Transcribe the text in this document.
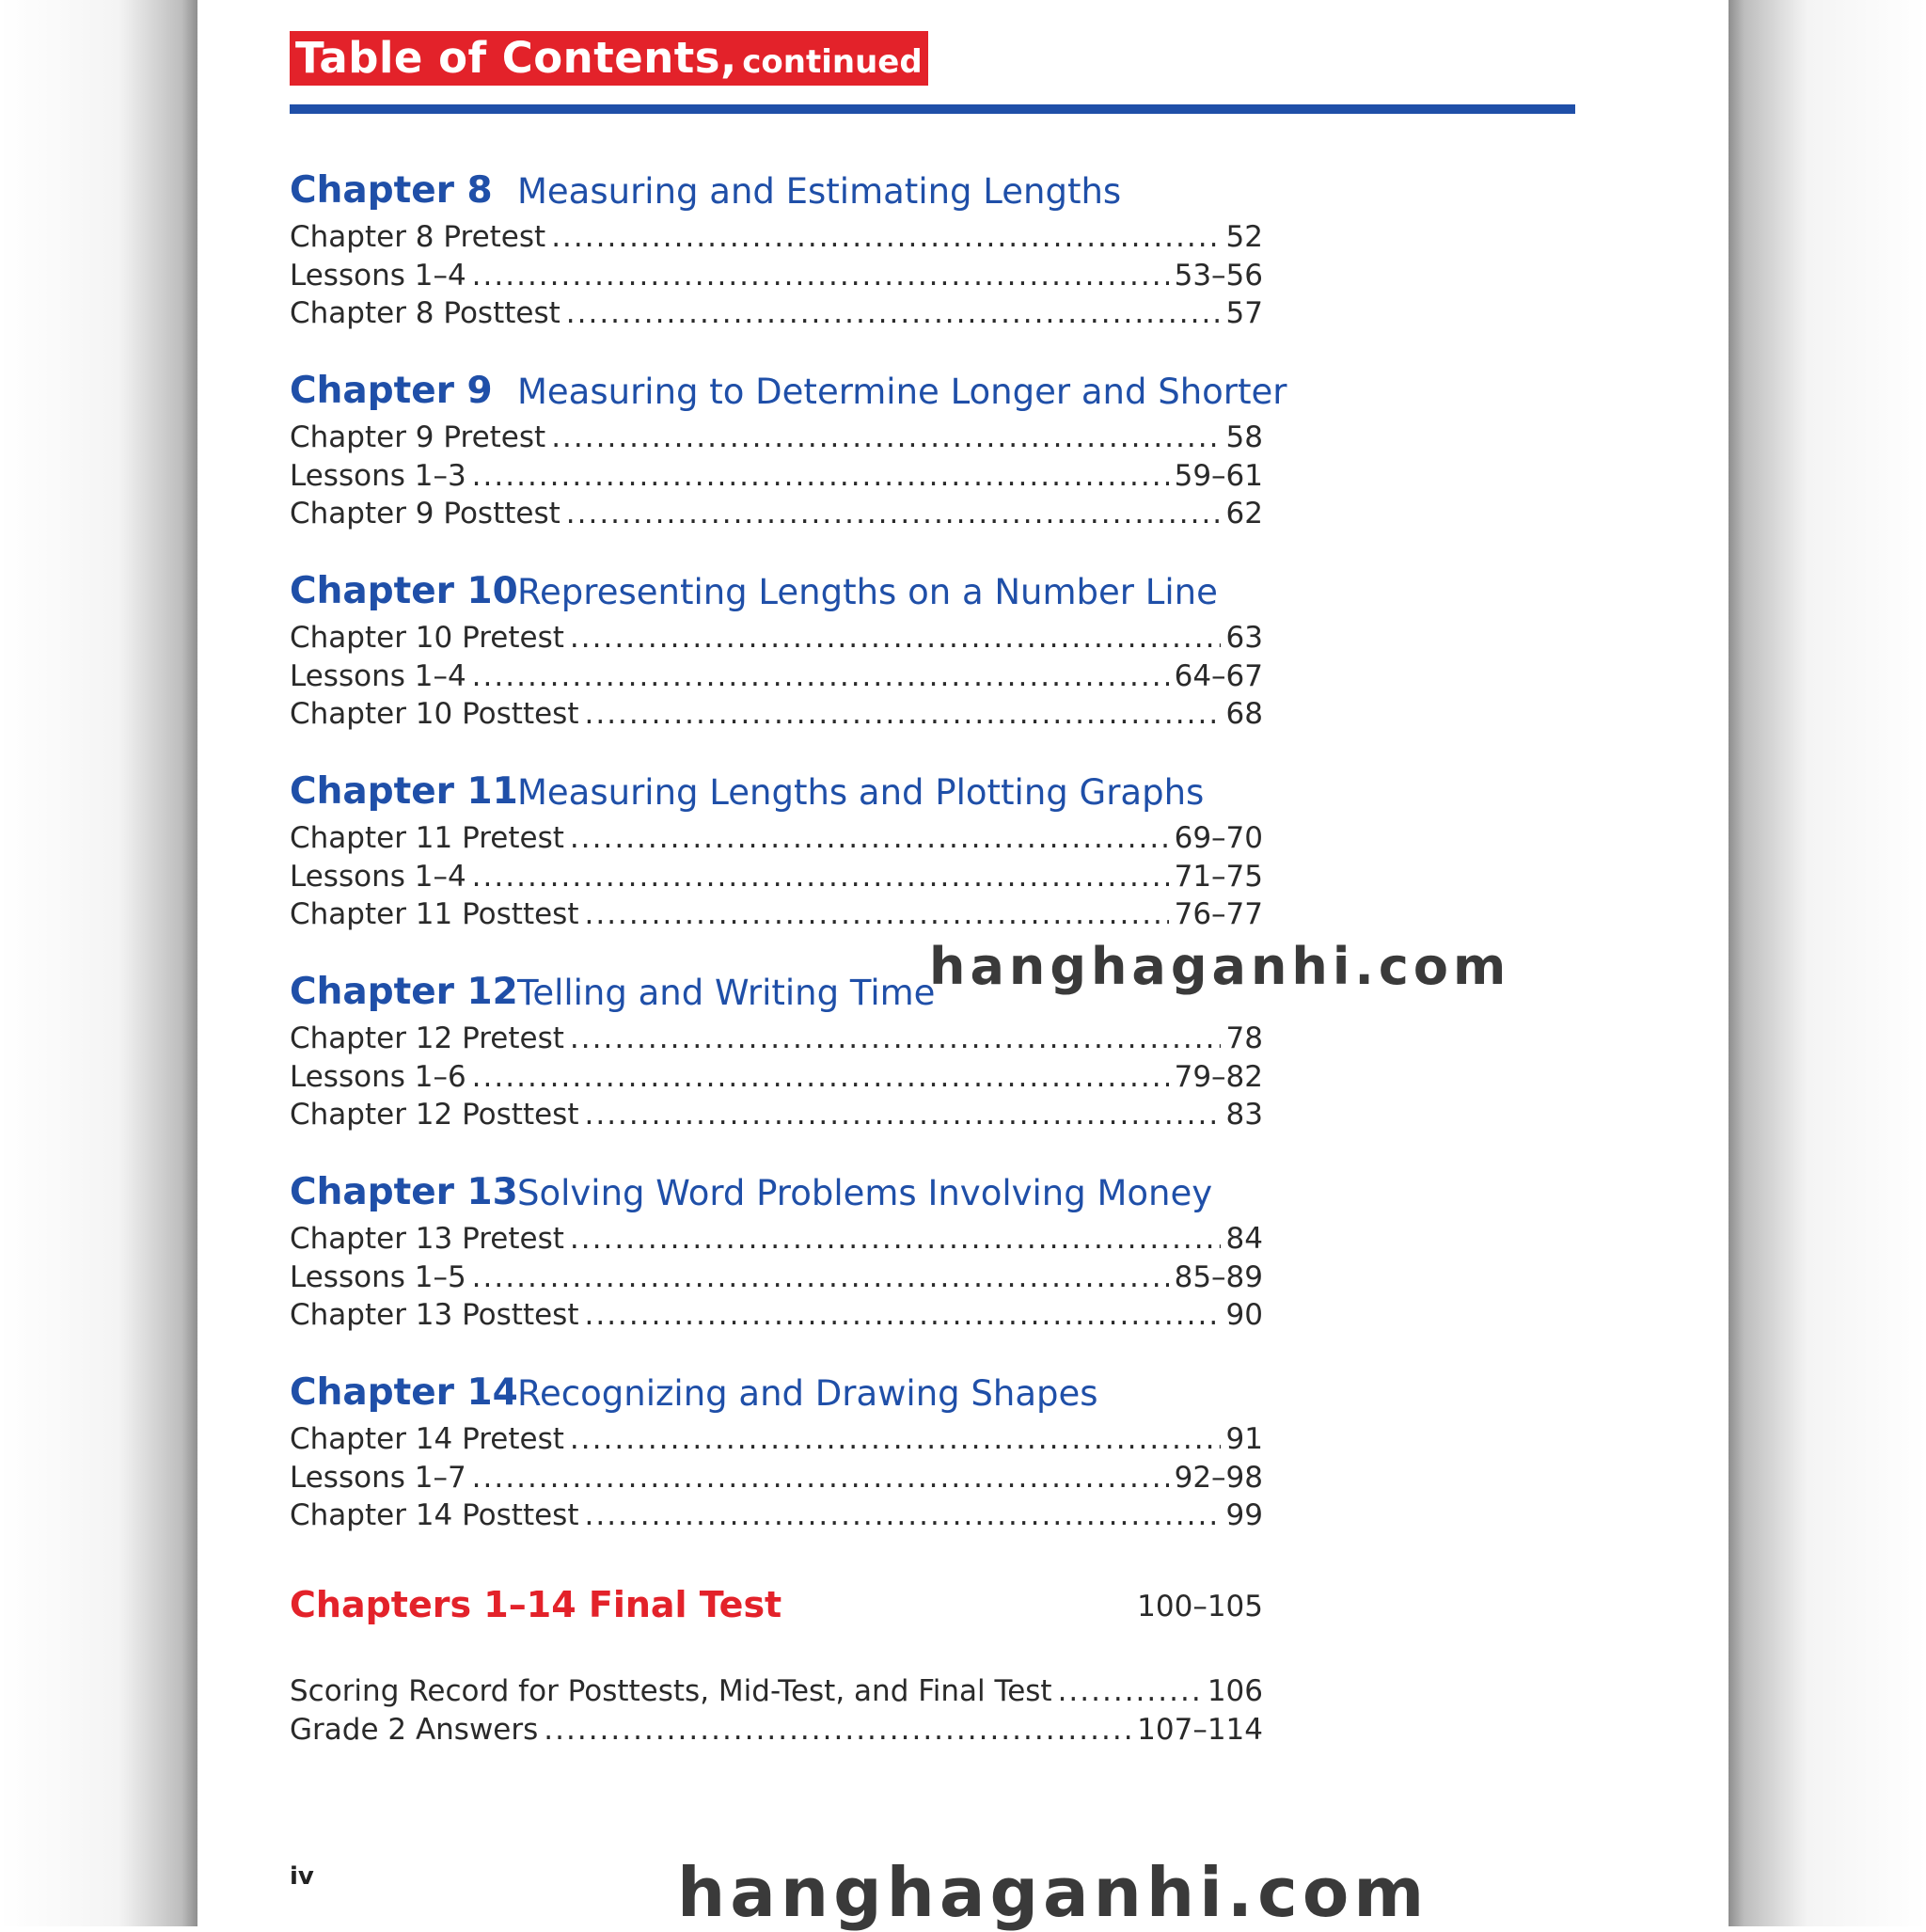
Table of Contents, continued
Chapter 8 Measuring and Estimating Lengths
Chapter 8 Pretest .....	52
Lessons 1–4 .....	53–56
Chapter 8 Posttest .....	57
Chapter 9 Measuring to Determine Longer and Shorter
Chapter 9 Pretest .....	58
Lessons 1–3 .....	59–61
Chapter 9 Posttest .....	62
Chapter 10 Representing Lengths on a Number Line
Chapter 10 Pretest .....	63
Lessons 1–4 .....	64–67
Chapter 10 Posttest .....	68
Chapter 11 Measuring Lengths and Plotting Graphs
Chapter 11 Pretest .....	69–70
Lessons 1–4 .....	71–75
Chapter 11 Posttest .....	76–77
Chapter 12 Telling and Writing Time
Chapter 12 Pretest .....	78
Lessons 1–6 .....	79–82
Chapter 12 Posttest .....	83
Chapter 13 Solving Word Problems Involving Money
Chapter 13 Pretest .....	84
Lessons 1–5 .....	85–89
Chapter 13 Posttest .....	90
Chapter 14 Recognizing and Drawing Shapes
Chapter 14 Pretest .....	91
Lessons 1–7 .....	92–98
Chapter 14 Posttest .....	99
Chapters 1–14 Final Test	100–105
Scoring Record for Posttests, Mid-Test, and Final Test .....	106
Grade 2 Answers .....	107–114
iv
hanghaganhi.com
hanghaganhi.com
